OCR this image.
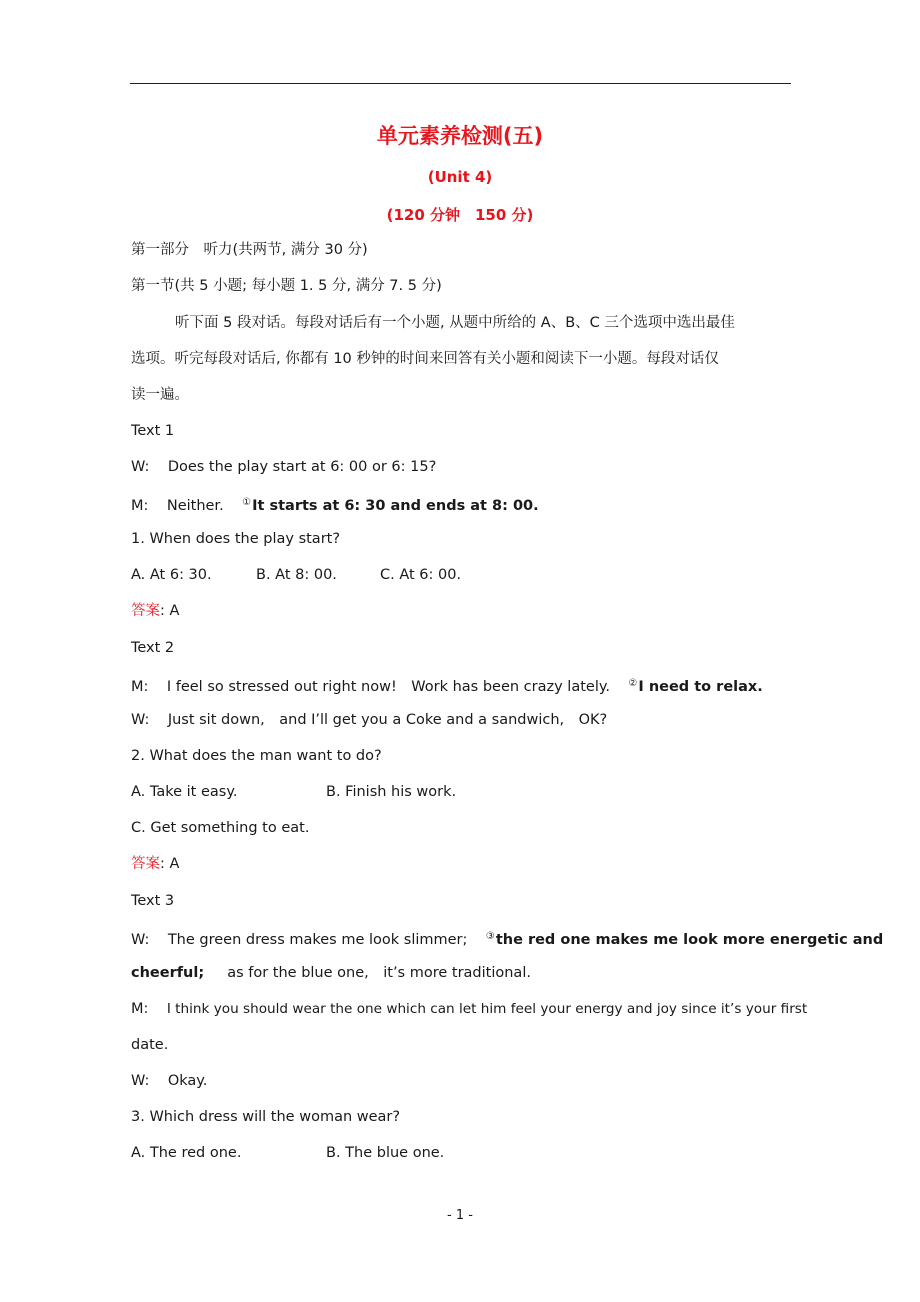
单元素养检测(五)
(Unit 4)
(120 分钟　150 分)
第一部分　听力(共两节, 满分 30 分)
第一节(共 5 小题; 每小题 1. 5 分, 满分 7. 5 分)
听下面 5 段对话。每段对话后有一个小题, 从题中所给的 A、B、C 三个选项中选出最佳
选项。听完每段对话后, 你都有 10 秒钟的时间来回答有关小题和阅读下一小题。每段对话仅
读一遍。
Text 1
W: Does the play start at 6: 00 or 6: 15?
M: Neither. ①It starts at 6: 30 and ends at 8: 00.
1. When does the play start?
A. At 6: 30.	B. At 8: 00.	C. At 6: 00.
答案: A
Text 2
M: I feel so stressed out right now!　Work has been crazy lately. ②I need to relax.
W: Just sit down,　and I’ll get you a Coke and a sandwich,　OK?
2. What does the man want to do?
A. Take it easy.	B. Finish his work.
C. Get something to eat.
答案: A
Text 3
W: The green dress makes me look slimmer; ③the red one makes me look more energetic and
cheerful; as for the blue one,　it’s more traditional.
M: I think you should wear the one which can let him feel your energy and joy since it’s your first
date.
W: Okay.
3. Which dress will the woman wear?
A. The red one.	B. The blue one.
- 1 -
